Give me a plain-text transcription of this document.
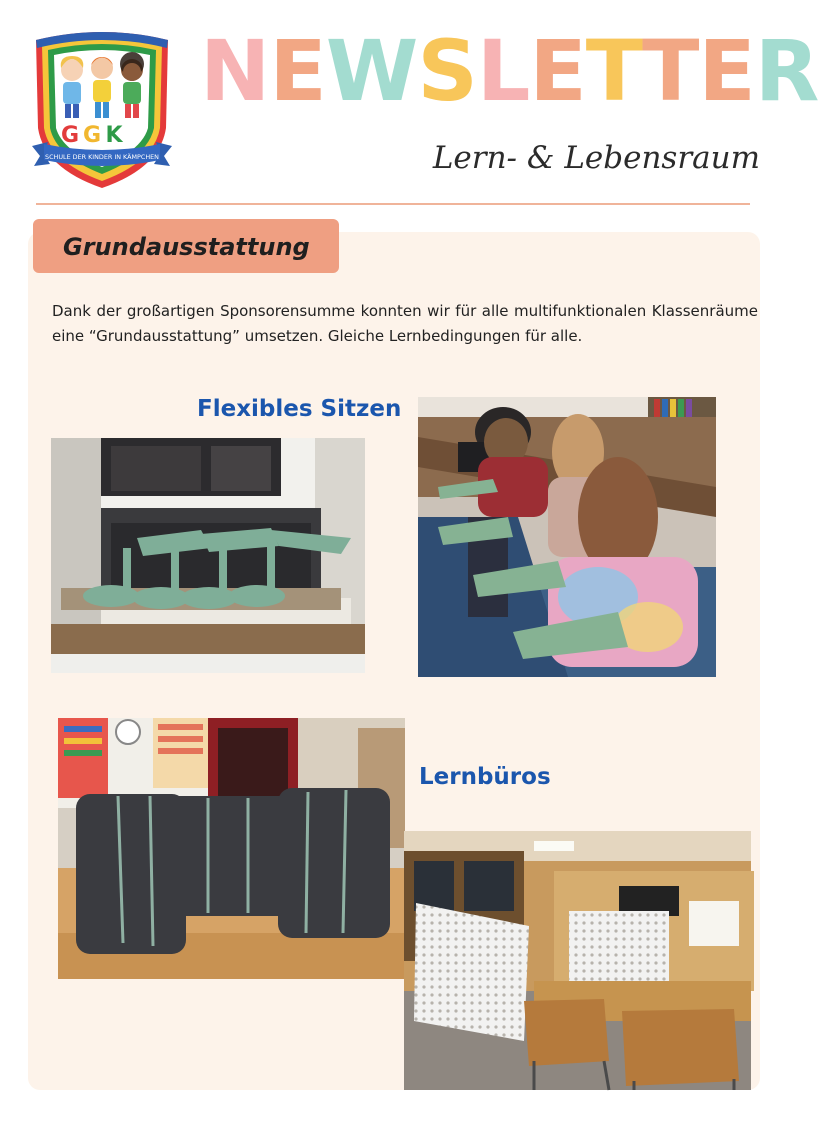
G G K
SCHULE DER KINDER IN KÄMPCHEN
NEWSLETTER

Lern- & Lebensraum

Grundausstattung

Dank der großartigen Sponsorensumme konnten wir für alle multifunktionalen Klassenräume eine “Grundausstattung” umsetzen. Gleiche Lernbedingungen für alle.

Flexibles Sitzen

Lernbüros
